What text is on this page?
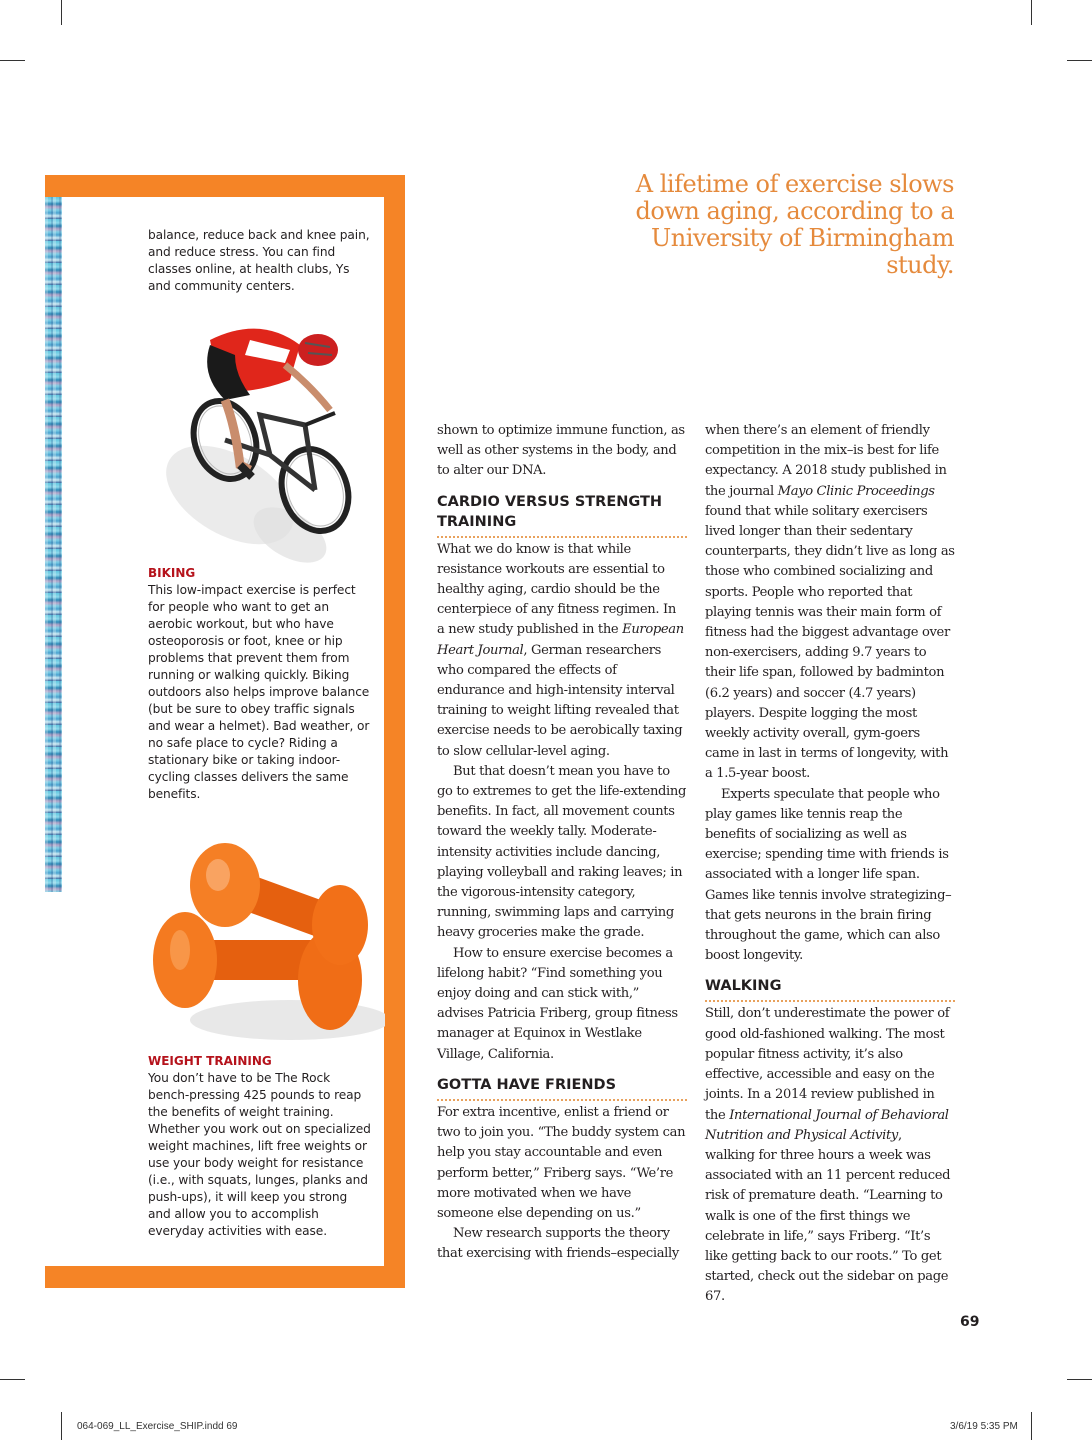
balance, reduce back and knee pain, and reduce stress. You can find classes online, at health clubs, Ys and community centers.
BIKING
This low-impact exercise is perfect for people who want to get an aerobic workout, but who have osteoporosis or foot, knee or hip problems that prevent them from running or walking quickly. Biking outdoors also helps improve balance (but be sure to obey traffic signals and wear a helmet). Bad weather, or no safe place to cycle? Riding a stationary bike or taking indoor-cycling classes delivers the same benefits.
WEIGHT TRAINING
You don’t have to be The Rock bench-pressing 425 pounds to reap the benefits of weight training. Whether you work out on specialized weight machines, lift free weights or use your body weight for resistance (i.e., with squats, lunges, planks and push-ups), it will keep you strong and allow you to accomplish everyday activities with ease.
A lifetime of exercise slows down aging, according to a University of Birmingham study.

shown to optimize immune function, as well as other systems in the body, and to alter our DNA.

CARDIO VERSUS STRENGTH TRAINING

What we do know is that while resistance workouts are essential to healthy aging, cardio should be the centerpiece of any fitness regimen. In a new study published in the European Heart Journal, German researchers who compared the effects of endurance and high-intensity interval training to weight lifting revealed that exercise needs to be aerobically taxing to slow cellular-level aging.

But that doesn’t mean you have to go to extremes to get the life-extending benefits. In fact, all movement counts toward the weekly tally. Moderate-intensity activities include dancing, playing volleyball and raking leaves; in the vigorous-intensity category, running, swimming laps and carrying heavy groceries make the grade.

How to ensure exercise becomes a lifelong habit? “Find something you enjoy doing and can stick with,” advises Patricia Friberg, group fitness manager at Equinox in Westlake Village, California.

GOTTA HAVE FRIENDS

For extra incentive, enlist a friend or two to join you. “The buddy system can help you stay accountable and even perform better,” Friberg says. “We’re more motivated when we have someone else depending on us.”

New research supports the theory that exercising with friends–especially

when there’s an element of friendly competition in the mix–is best for life expectancy. A 2018 study published in the journal Mayo Clinic Proceedings found that while solitary exercisers lived longer than their sedentary counterparts, they didn’t live as long as those who combined socializing and sports. People who reported that playing tennis was their main form of fitness had the biggest advantage over non-exercisers, adding 9.7 years to their life span, followed by badminton (6.2 years) and soccer (4.7 years) players. Despite logging the most weekly activity overall, gym-goers came in last in terms of longevity, with a 1.5-year boost.

Experts speculate that people who play games like tennis reap the benefits of socializing as well as exercise; spending time with friends is associated with a longer life span. Games like tennis involve strategizing–that gets neurons in the brain firing throughout the game, which can also boost longevity.

WALKING

Still, don’t underestimate the power of good old-fashioned walking. The most popular fitness activity, it’s also effective, accessible and easy on the joints. In a 2014 review published in the International Journal of Behavioral Nutrition and Physical Activity, walking for three hours a week was associated with an 11 percent reduced risk of premature death. “Learning to walk is one of the first things we celebrate in life,” says Friberg. “It’s like getting back to our roots.” To get started, check out the sidebar on page 67.

69
064-069_LL_Exercise_SHIP.indd 69	3/6/19 5:35 PM
